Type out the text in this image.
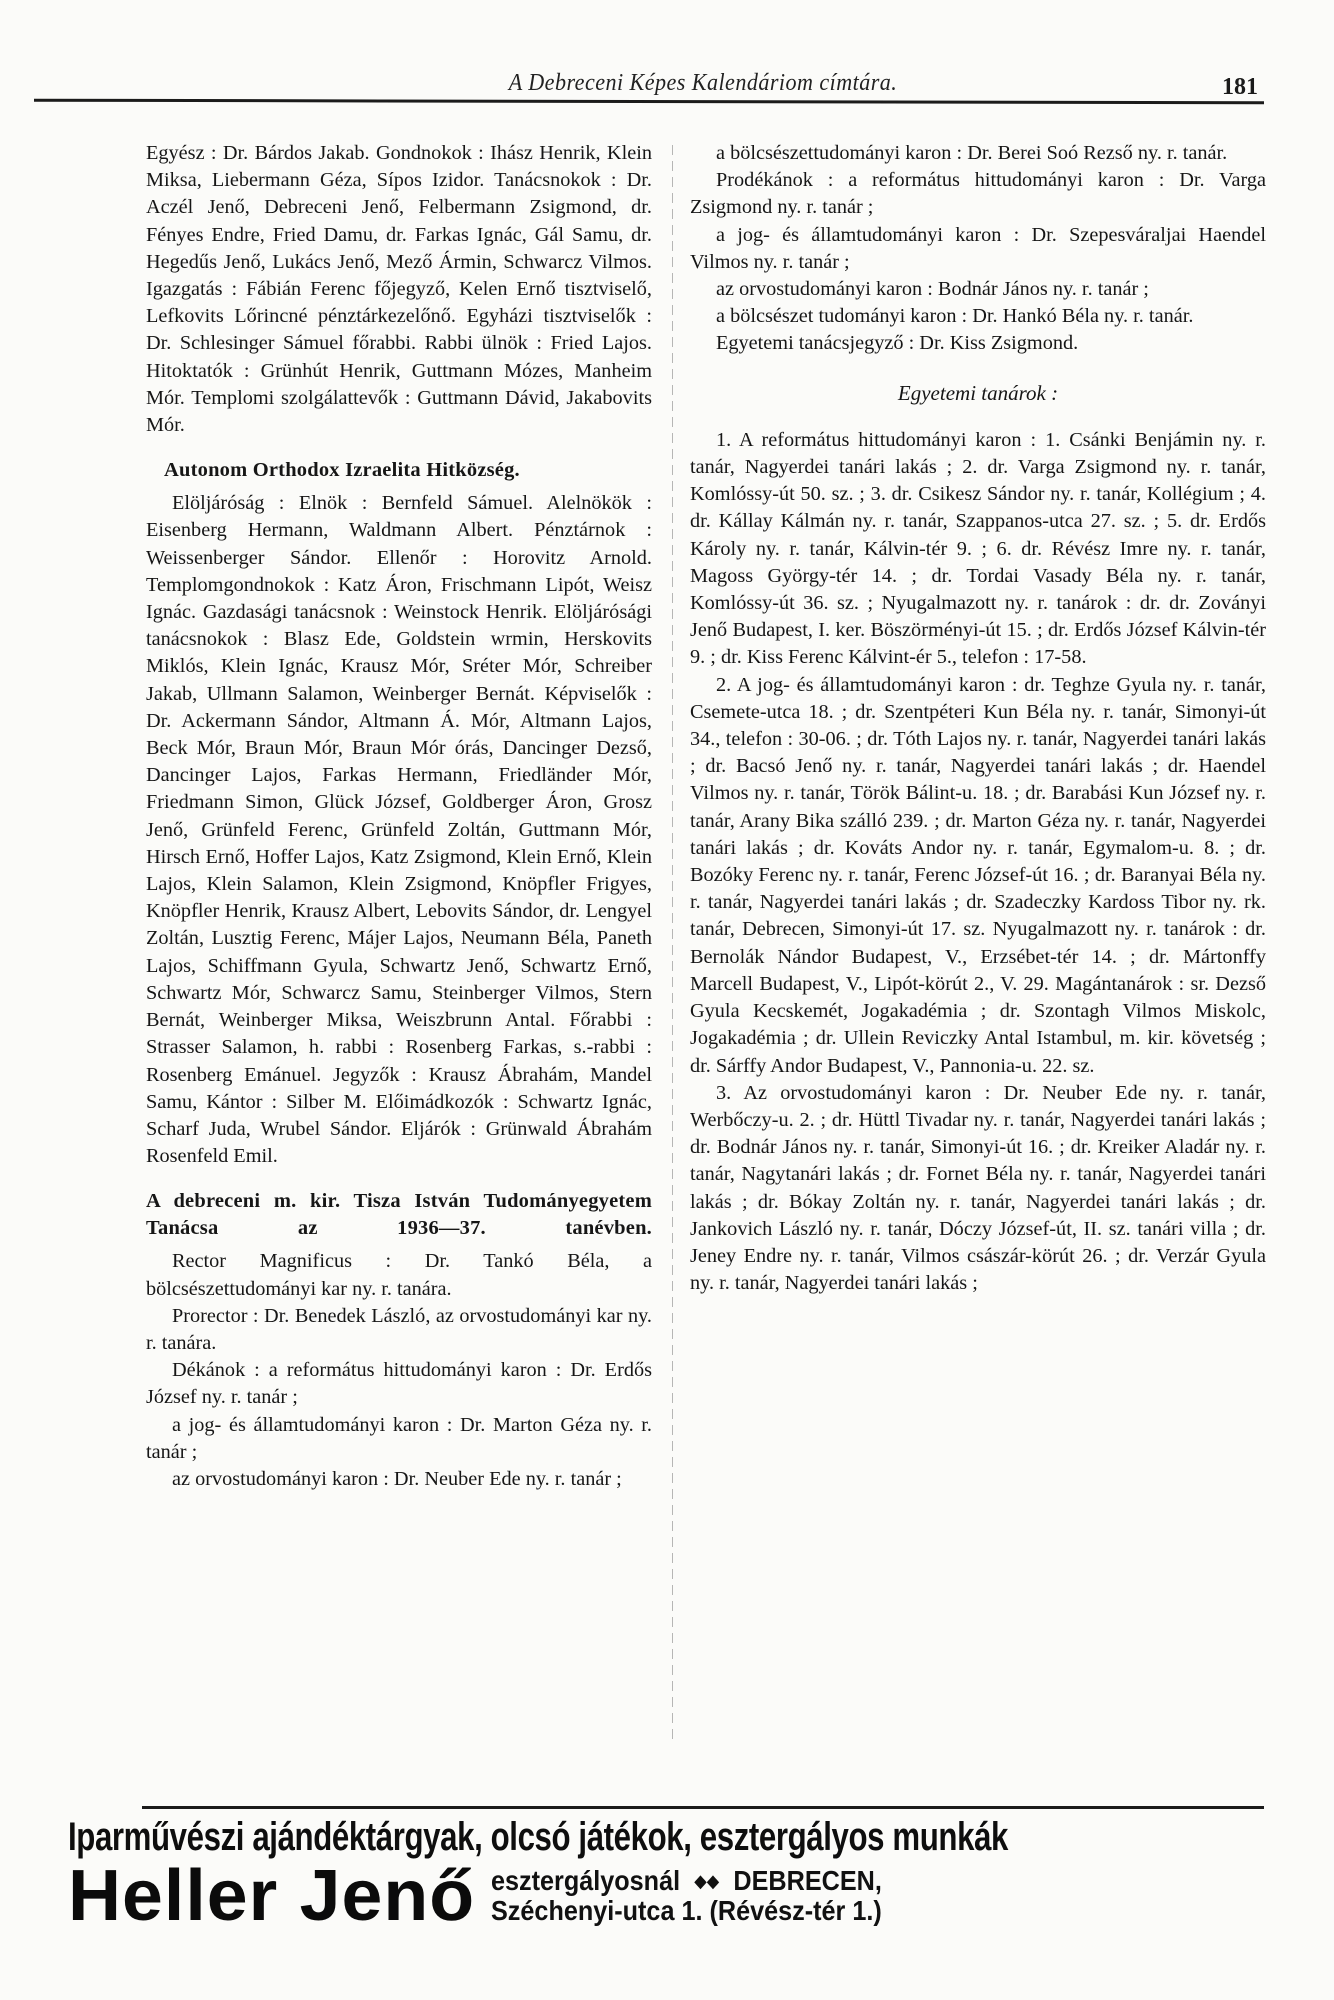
A Debreceni Képes Kalendáriom címtára.	181

Egyész : Dr. Bárdos Jakab. Gondnokok : Ihász Henrik, Klein Miksa, Liebermann Géza, Sípos Izidor. Tanácsnokok : Dr. Aczél Jenő, Debreceni Jenő, Felbermann Zsigmond, dr. Fényes Endre, Fried Damu, dr. Farkas Ignác, Gál Samu, dr. Hegedűs Jenő, Lukács Jenő, Mező Ármin, Schwarcz Vilmos. Igazgatás : Fábián Ferenc főjegyző, Kelen Ernő tisztviselő, Lefkovits Lőrincné pénztárkezelőnő. Egyházi tisztviselők : Dr. Schlesinger Sámuel főrabbi. Rabbi ülnök : Fried Lajos. Hitoktatók : Grünhút Henrik, Guttmann Mózes, Manheim Mór. Templomi szolgálattevők : Guttmann Dávid, Jakabovits Mór.

Autonom Orthodox Izraelita Hitközség.

Elöljáróság : Elnök : Bernfeld Sámuel. Alelnökök : Eisenberg Hermann, Waldmann Albert. Pénztárnok : Weissenberger Sándor. Ellenőr : Horovitz Arnold. Templomgondnokok : Katz Áron, Frischmann Lipót, Weisz Ignác. Gazdasági tanácsnok : Weinstock Henrik. Elöljárósági tanácsnokok : Blasz Ede, Goldstein wrmin, Herskovits Miklós, Klein Ignác, Krausz Mór, Sréter Mór, Schreiber Jakab, Ullmann Salamon, Weinberger Bernát. Képviselők : Dr. Ackermann Sándor, Altmann Á. Mór, Altmann Lajos, Beck Mór, Braun Mór, Braun Mór órás, Dancinger Dezső, Dancinger Lajos, Farkas Hermann, Friedländer Mór, Friedmann Simon, Glück József, Goldberger Áron, Grosz Jenő, Grünfeld Ferenc, Grünfeld Zoltán, Guttmann Mór, Hirsch Ernő, Hoffer Lajos, Katz Zsigmond, Klein Ernő, Klein Lajos, Klein Salamon, Klein Zsigmond, Knöpfler Frigyes, Knöpfler Henrik, Krausz Albert, Lebovits Sándor, dr. Lengyel Zoltán, Lusztig Ferenc, Májer Lajos, Neumann Béla, Paneth Lajos, Schiffmann Gyula, Schwartz Jenő, Schwartz Ernő, Schwartz Mór, Schwarcz Samu, Steinberger Vilmos, Stern Bernát, Weinberger Miksa, Weiszbrunn Antal. Főrabbi : Strasser Salamon, h. rabbi : Rosenberg Farkas, s.-rabbi : Rosenberg Emánuel. Jegyzők : Krausz Ábrahám, Mandel Samu, Kántor : Silber M. Előimádkozók : Schwartz Ignác, Scharf Juda, Wrubel Sándor. Eljárók : Grünwald Ábrahám Rosenfeld Emil.

A debreceni m. kir. Tisza István Tudományegyetem Tanácsa az 1936—37. tanévben.

Rector Magnificus : Dr. Tankó Béla, a bölcsészettudományi kar ny. r. tanára.

Prorector : Dr. Benedek László, az orvostudományi kar ny. r. tanára.

Dékánok : a református hittudományi karon : Dr. Erdős József ny. r. tanár ;

a jog- és államtudományi karon : Dr. Marton Géza ny. r. tanár ;

az orvostudományi karon : Dr. Neuber Ede ny. r. tanár ;

a bölcsészettudományi karon : Dr. Berei Soó Rezső ny. r. tanár.

Prodékánok : a református hittudományi karon : Dr. Varga Zsigmond ny. r. tanár ;

a jog- és államtudományi karon : Dr. Szepesváraljai Haendel Vilmos ny. r. tanár ;

az orvostudományi karon : Bodnár János ny. r. tanár ;

a bölcsészet tudományi karon : Dr. Hankó Béla ny. r. tanár.

Egyetemi tanácsjegyző : Dr. Kiss Zsigmond.

Egyetemi tanárok :

1. A református hittudományi karon : 1. Csánki Benjámin ny. r. tanár, Nagyerdei tanári lakás ; 2. dr. Varga Zsigmond ny. r. tanár, Komlóssy-út 50. sz. ; 3. dr. Csikesz Sándor ny. r. tanár, Kollégium ; 4. dr. Kállay Kálmán ny. r. tanár, Szappanos-utca 27. sz. ; 5. dr. Erdős Károly ny. r. tanár, Kálvin-tér 9. ; 6. dr. Révész Imre ny. r. tanár, Magoss György-tér 14. ; dr. Tordai Vasady Béla ny. r. tanár, Komlóssy-út 36. sz. ; Nyugalmazott ny. r. tanárok : dr. dr. Zoványi Jenő Budapest, I. ker. Böszörményi-út 15. ; dr. Erdős József Kálvin-tér 9. ; dr. Kiss Ferenc Kálvint-ér 5., telefon : 17-58.

2. A jog- és államtudományi karon : dr. Teghze Gyula ny. r. tanár, Csemete-utca 18. ; dr. Szentpéteri Kun Béla ny. r. tanár, Simonyi-út 34., telefon : 30-06. ; dr. Tóth Lajos ny. r. tanár, Nagyerdei tanári lakás ; dr. Bacsó Jenő ny. r. tanár, Nagyerdei tanári lakás ; dr. Haendel Vilmos ny. r. tanár, Török Bálint-u. 18. ; dr. Barabási Kun József ny. r. tanár, Arany Bika szálló 239. ; dr. Marton Géza ny. r. tanár, Nagyerdei tanári lakás ; dr. Kováts Andor ny. r. tanár, Egymalom-u. 8. ; dr. Bozóky Ferenc ny. r. tanár, Ferenc József-út 16. ; dr. Baranyai Béla ny. r. tanár, Nagyerdei tanári lakás ; dr. Szadeczky Kardoss Tibor ny. rk. tanár, Debrecen, Simonyi-út 17. sz. Nyugalmazott ny. r. tanárok : dr. Bernolák Nándor Budapest, V., Erzsébet-tér 14. ; dr. Mártonffy Marcell Budapest, V., Lipót-körút 2., V. 29. Magántanárok : sr. Dezső Gyula Kecskemét, Jogakadémia ; dr. Szontagh Vilmos Miskolc, Jogakadémia ; dr. Ullein Reviczky Antal Istambul, m. kir. követség ; dr. Sárffy Andor Budapest, V., Pannonia-u. 22. sz.

3. Az orvostudományi karon : Dr. Neuber Ede ny. r. tanár, Werbőczy-u. 2. ; dr. Hüttl Tivadar ny. r. tanár, Nagyerdei tanári lakás ; dr. Bodnár János ny. r. tanár, Simonyi-út 16. ; dr. Kreiker Aladár ny. r. tanár, Nagytanári lakás ; dr. Fornet Béla ny. r. tanár, Nagyerdei tanári lakás ; dr. Bókay Zoltán ny. r. tanár, Nagyerdei tanári lakás ; dr. Jankovich László ny. r. tanár, Dóczy József-út, II. sz. tanári villa ; dr. Jeney Endre ny. r. tanár, Vilmos császár-körút 26. ; dr. Verzár Gyula ny. r. tanár, Nagyerdei tanári lakás ;

Iparművészi ajándéktárgyak, olcsó játékok, esztergályos munkák
Heller Jenő esztergályosnál ◆◆ DEBRECEN,
Széchenyi-utca 1. (Révész-tér 1.)
